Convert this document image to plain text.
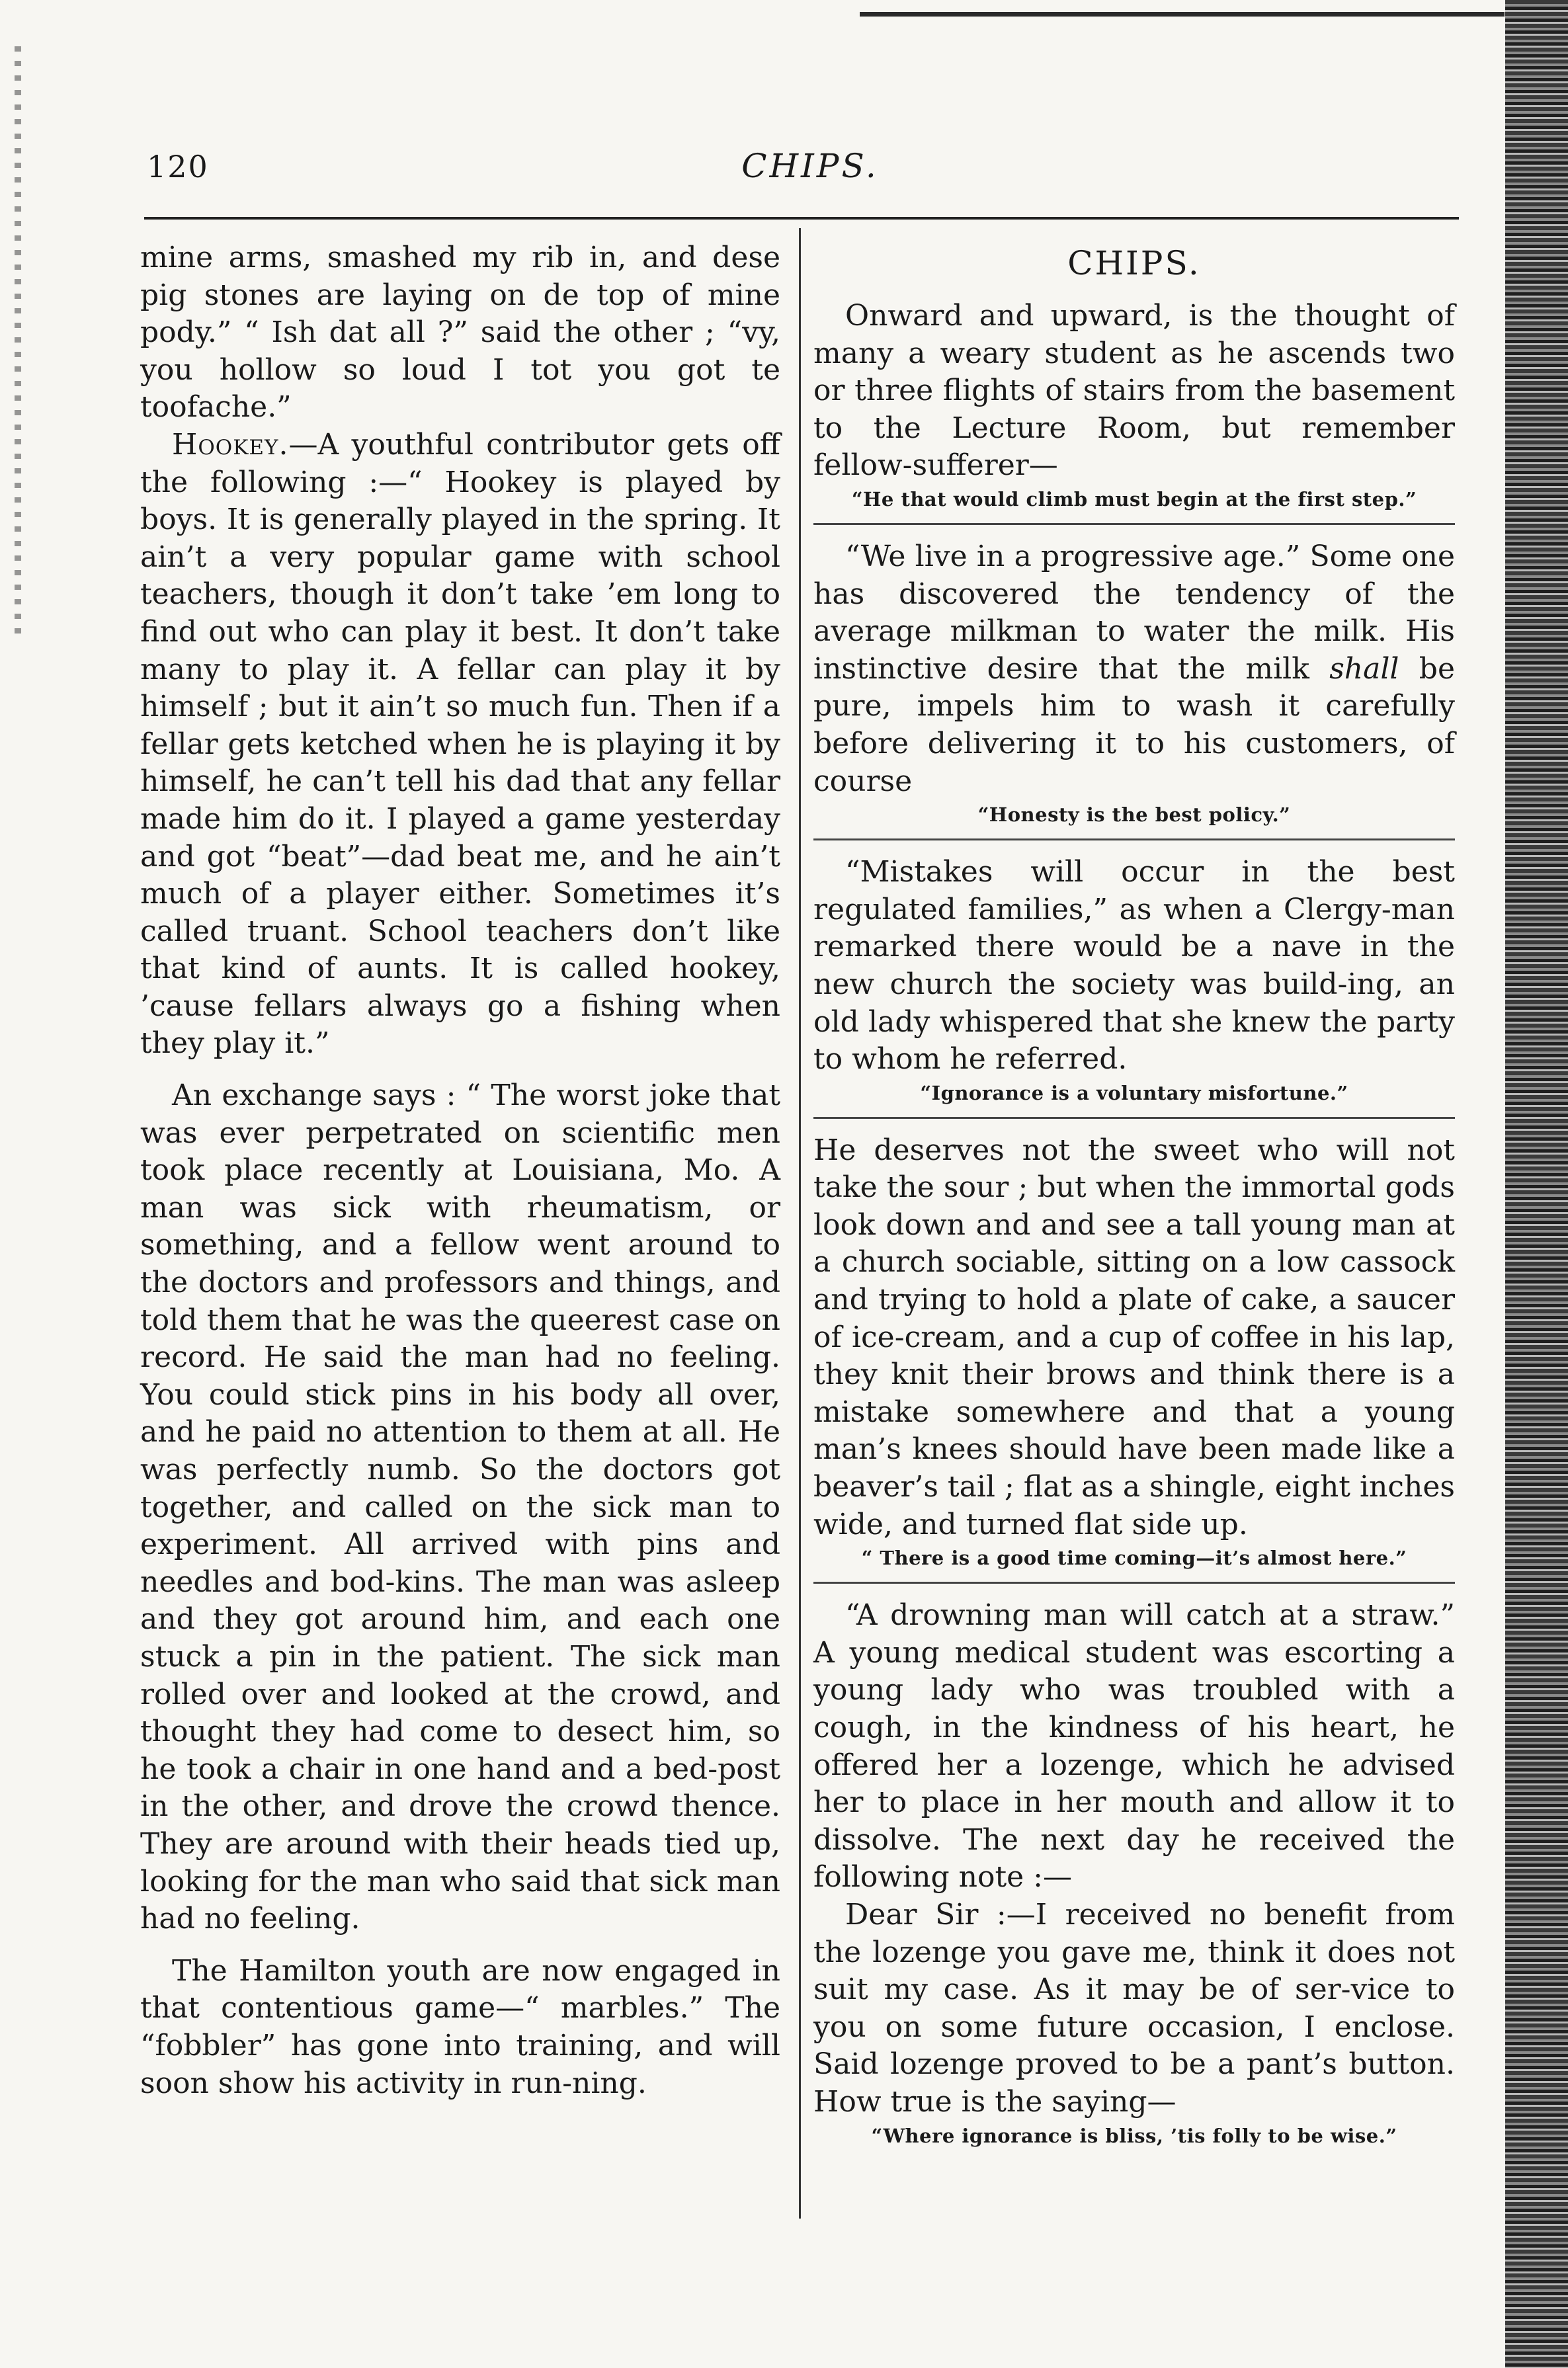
120	CHIPS.

mine arms, smashed my rib in, and dese pig stones are laying on de top of mine pody.” “ Ish dat all ?” said the other ; “vy, you hollow so loud I tot you got te toofache.”

Hookey.—A youthful contributor gets off the following :—“ Hookey is played by boys. It is generally played in the spring. It ain’t a very popular game with school teachers, though it don’t take ’em long to find out who can play it best. It don’t take many to play it. A fellar can play it by himself ; but it ain’t so much fun. Then if a fellar gets ketched when he is playing it by himself, he can’t tell his dad that any fellar made him do it. I played a game yesterday and got “beat”—dad beat me, and he ain’t much of a player either. Sometimes it’s called truant. School teachers don’t like that kind of aunts. It is called hookey, ’cause fellars always go a fishing when they play it.”

An exchange says : “ The worst joke that was ever perpetrated on scientific men took place recently at Louisiana, Mo. A man was sick with rheumatism, or something, and a fellow went around to the doctors and professors and things, and told them that he was the queerest case on record. He said the man had no feeling. You could stick pins in his body all over, and he paid no attention to them at all. He was perfectly numb. So the doctors got together, and called on the sick man to experiment. All arrived with pins and needles and bod-kins. The man was asleep and they got around him, and each one stuck a pin in the patient. The sick man rolled over and looked at the crowd, and thought they had come to desect him, so he took a chair in one hand and a bed-post in the other, and drove the crowd thence. They are around with their heads tied up, looking for the man who said that sick man had no feeling.

The Hamilton youth are now engaged in that contentious game—“ marbles.” The “fobbler” has gone into training, and will soon show his activity in run-ning.

CHIPS.

Onward and upward, is the thought of many a weary student as he ascends two or three flights of stairs from the basement to the Lecture Room, but remember fellow-sufferer—

“He that would climb must begin at the first step.”

“We live in a progressive age.” Some one has discovered the tendency of the average milkman to water the milk. His instinctive desire that the milk shall be pure, impels him to wash it carefully before delivering it to his customers, of course

“Honesty is the best policy.”

“Mistakes will occur in the best regulated families,” as when a Clergy-man remarked there would be a nave in the new church the society was build-ing, an old lady whispered that she knew the party to whom he referred.

“Ignorance is a voluntary misfortune.”

He deserves not the sweet who will not take the sour ; but when the immortal gods look down and and see a tall young man at a church sociable, sitting on a low cassock and trying to hold a plate of cake, a saucer of ice-cream, and a cup of coffee in his lap, they knit their brows and think there is a mistake somewhere and that a young man’s knees should have been made like a beaver’s tail ; flat as a shingle, eight inches wide, and turned flat side up.

“ There is a good time coming—it’s almost here.”

“A drowning man will catch at a straw.” A young medical student was escorting a young lady who was troubled with a cough, in the kindness of his heart, he offered her a lozenge, which he advised her to place in her mouth and allow it to dissolve. The next day he received the following note :—

Dear Sir :—I received no benefit from the lozenge you gave me, think it does not suit my case. As it may be of ser-vice to you on some future occasion, I enclose. Said lozenge proved to be a pant’s button. How true is the saying—

“Where ignorance is bliss, ’tis folly to be wise.”
